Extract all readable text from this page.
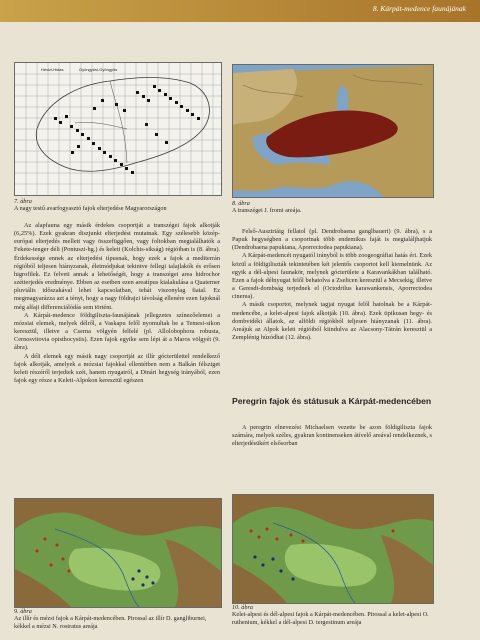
8. Kárpát-medence faunájának
Hévizi-Hidas	Gyöngyösi-Gyöngyös
7. ábra
A nagy testű avarfogyasztó fajok elterjedése Magyarországon
8. ábra
A transzégei J. fromi areája.

Az alapfauna egy másik érdekes csoportját a transzégei fajok alkotják (6,25%). Ezek gyakran diszjunkt elterjedést mutatnak. Egy szélesebb közép-európai elterjedés mellett vagy összefüggően, vagy foltokban megtalálhatók a Fekete-tenger déli (Pontuszi-hg.) és keleti (Kolchis-sikság) régióiban is (8. ábra). Érdekessége ennek az elterjedési típusnak, hogy ezek a fajok a mediterrán régióból teljesen hiányzanak, életmódjukat tekintve fellegi talajlakók és erősen higrofilek. Ez felveti annak a lehetőségét, hogy a transzégei area hidrochor szétterjedés eredménye. Ebben az esetben ezen areatípus kialakulása a Quaterner pluviális időszakával lehet kapcsolatban, tehát viszonylag fiatal. Ez megmagyarázza azt a tényt, hogy a nagy földrajzi távolság ellenére ezen fajoknál még alfaji differenciálódás sem történt.

A Kárpát-medence földigiliszta-faunájának jellegzetes színezőelemei a mózsiai elemek, melyek délről, a Vaskapu felől nyomultak be a Temesi-sikon keresztül, illetve a Cserna völgyén felfelé (pl. Allolobophora robusta, Cernosvitovia opisthocystis). Ezen fajok egyike sem lépi át a Maros völgyét (9. ábra).

A déli elemek egy másik nagy csoportját az illír gócterülettel rendelkező fajok alkotják, amelyek a mózsiai fajokkal ellentétben nem a Balkán félsziget keleti részéről terjedtek szét, hanem nyugatról, a Dinári hegység irányából, ezen fajok egy része a Keleti-Alpokon keresztül egészen

Felső-Ausztriáig fellatol (pl. Dendrobaena ganglbaueri) (9. ábra), s a Papuk hegységben a csoportnak több endemikus faját is megtaláljhatjuk (Dendrobaena papukiana, Aporrectodea papukiana).

A Kárpát-medencét nyugatól irányból is több zoogeográfiai hatás éri. Ezek közül a földigiliszták tekintetében két jelentős csoportot kell kiemelnünk. Az egyik a dél-alpesi faunakör, melynek gócterülete a Karavankákban található. Ezen a fajok délnyugat felől behatolva a Zselicen keresztül a Mecsekig, illetve a Geresdi-dombság terjednek el (Octodrilus karawankensis, Aporrectodea cinerea).

A másik csoportot, melynek tagjai nyugat felől hatolnak be a Kárpát-medencébe, a kelet-alpesi fajok alkotják (10. ábra). Ezek tipikusan hegy- és dombvidéki állatok, az alföldi régiókból teljesen hiányzanak (11. ábra). Areájuk az Alpok keleti régióiból kiindulva az Alacsony-Tátrán keresztül a Zemplénig húzódhat (12. ábra).

Peregrin fajok és státusuk a Kárpát-medencében

A peregrin elnevezést Michaelsen vezette be azon földigiliszta fajok számára, melyek széles, gyakran kontinenseken átívelő areával rendelkeznek, s elterjedésükért elsősorban

9. ábra
Az illír és mézsi fajok a Kárpát-medencében. Pirossal az illír D. gangliburnei, kékkel a mézsi N. rostratus areája
10. ábra
Kelet-alpesi és dél-alpesi fajok a Kárpát-medencében. Pirossal a kelet-alpesi O. ruthenium, kékkel a dél-alpesi D. tergestinum areája
